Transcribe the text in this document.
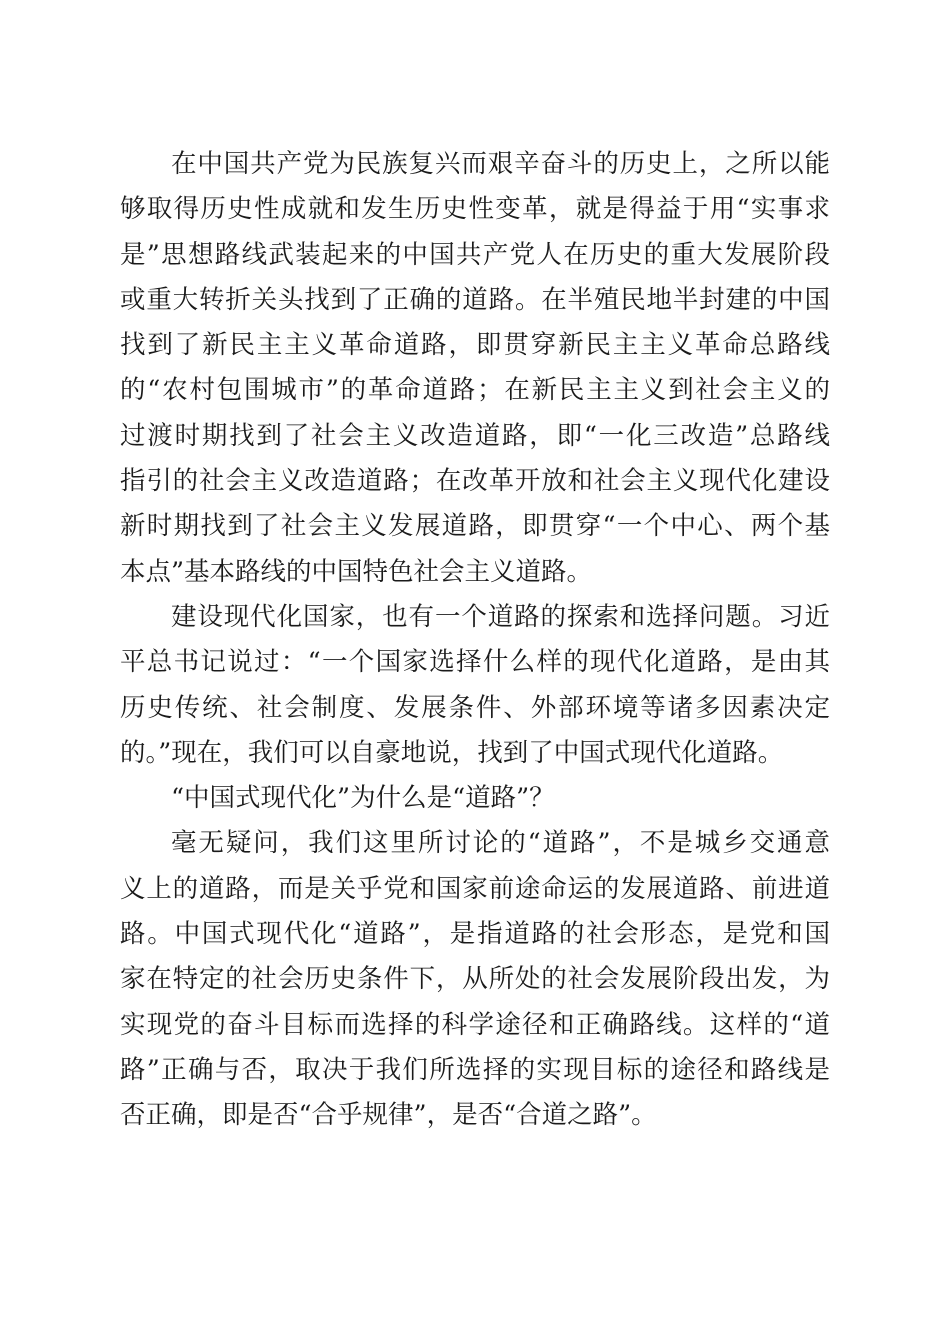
在中国共产党为民族复兴而艰辛奋斗的历史上，之所以能
够取得历史性成就和发生历史性变革，就是得益于用“实事求
是”思想路线武装起来的中国共产党人在历史的重大发展阶段
或重大转折关头找到了正确的道路。在半殖民地半封建的中国
找到了新民主主义革命道路，即贯穿新民主主义革命总路线
的“农村包围城市”的革命道路；在新民主主义到社会主义的
过渡时期找到了社会主义改造道路，即“一化三改造”总路线
指引的社会主义改造道路；在改革开放和社会主义现代化建设
新时期找到了社会主义发展道路，即贯穿“一个中心、两个基
本点”基本路线的中国特色社会主义道路。
建设现代化国家，也有一个道路的探索和选择问题。习近
平总书记说过：“一个国家选择什么样的现代化道路，是由其
历史传统、社会制度、发展条件、外部环境等诸多因素决定
的。”现在，我们可以自豪地说，找到了中国式现代化道路。
“中国式现代化”为什么是“道路”？
毫无疑问，我们这里所讨论的“道路”，不是城乡交通意
义上的道路，而是关乎党和国家前途命运的发展道路、前进道
路。中国式现代化“道路”，是指道路的社会形态，是党和国
家在特定的社会历史条件下，从所处的社会发展阶段出发，为
实现党的奋斗目标而选择的科学途径和正确路线。这样的“道
路”正确与否，取决于我们所选择的实现目标的途径和路线是
否正确，即是否“合乎规律”，是否“合道之路”。
